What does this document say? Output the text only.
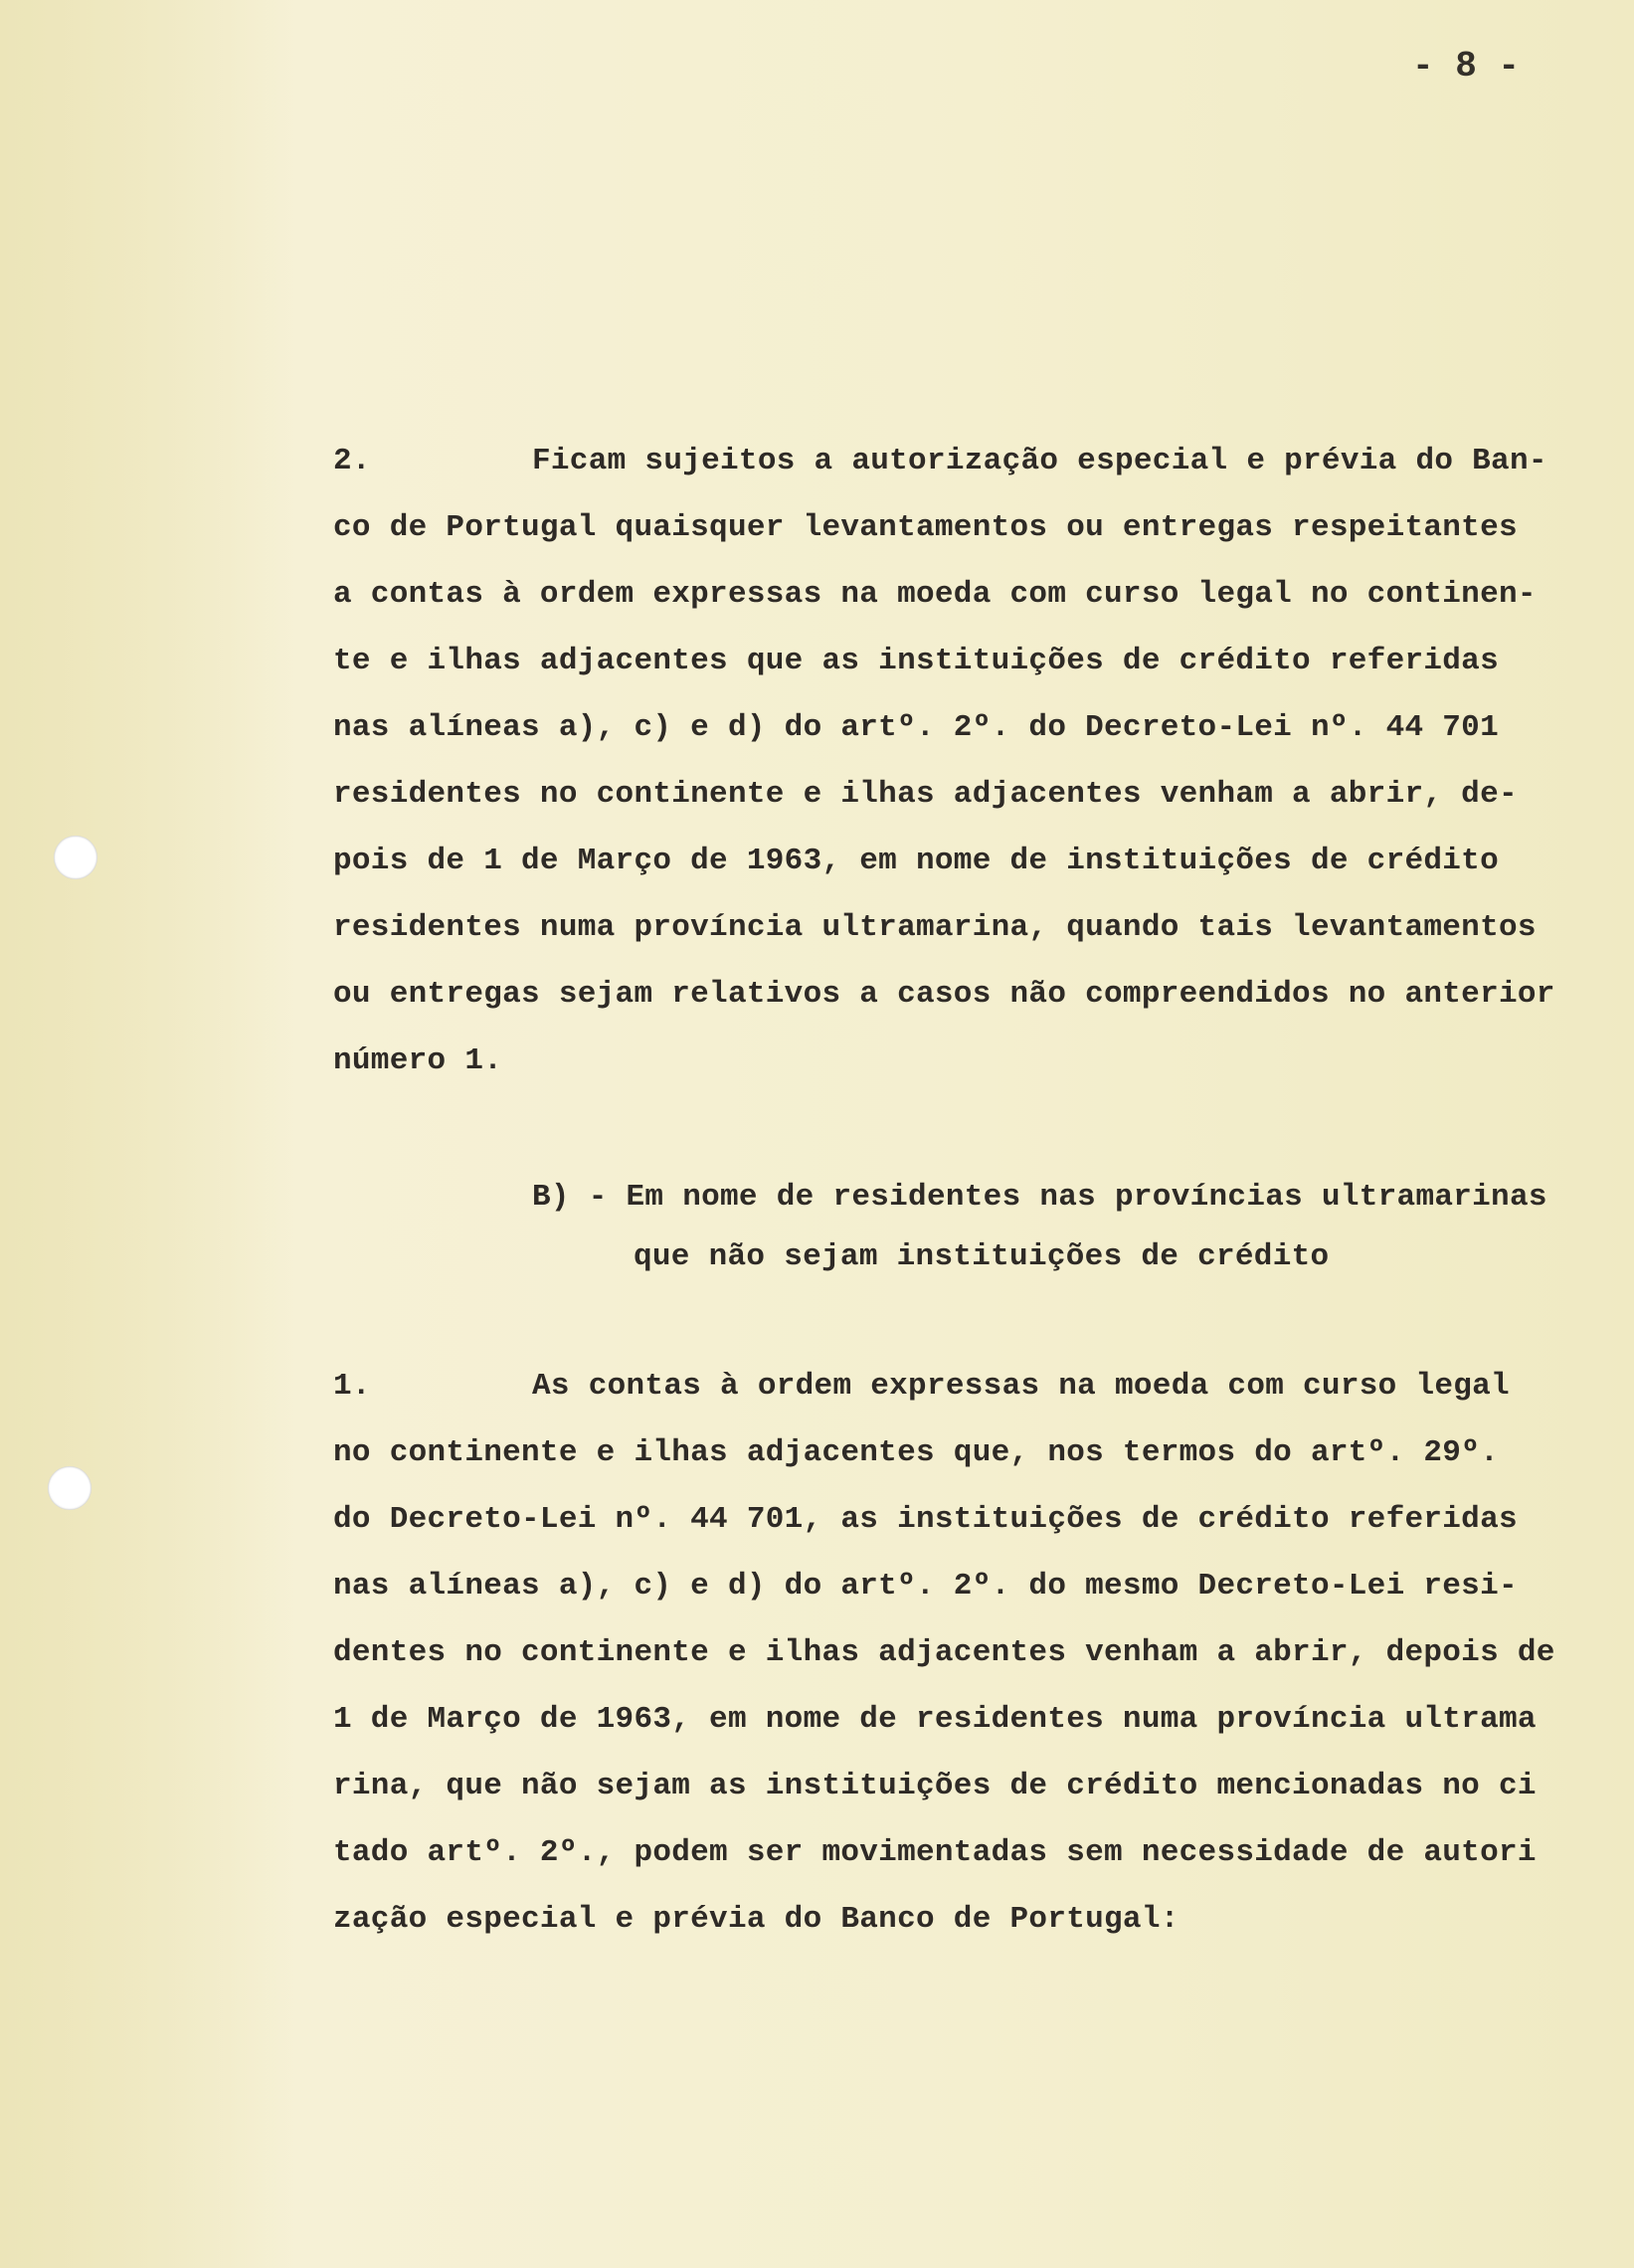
- 8 -

2.

	Ficam sujeitos a autorização especial e prévia do Ban-

co de Portugal quaisquer levantamentos ou entregas respeitantes

a contas à ordem expressas na moeda com curso legal no continen-

te e ilhas adjacentes que as instituições de crédito referidas

nas alíneas a), c) e d) do artº. 2º. do Decreto-Lei nº. 44 701

residentes no continente e ilhas adjacentes venham a abrir, de-

pois de 1 de Março de 1963, em nome de instituições de crédito

residentes numa província ultramarina, quando tais levantamentos

ou entregas sejam relativos a casos não compreendidos no anterior

número 1.

B) - Em nome de residentes nas províncias ultramarinas

que não sejam instituições de crédito

1.

	As contas à ordem expressas na moeda com curso legal

no continente e ilhas adjacentes que, nos termos do artº. 29º.

do Decreto-Lei nº. 44 701, as instituições de crédito referidas

nas alíneas a), c) e d) do artº. 2º. do mesmo Decreto-Lei resi-

dentes no continente e ilhas adjacentes venham a abrir, depois de

1 de Março de 1963, em nome de residentes numa província ultrama

rina, que não sejam as instituições de crédito mencionadas no ci

tado artº. 2º., podem ser movimentadas sem necessidade de autori

zação especial e prévia do Banco de Portugal:
